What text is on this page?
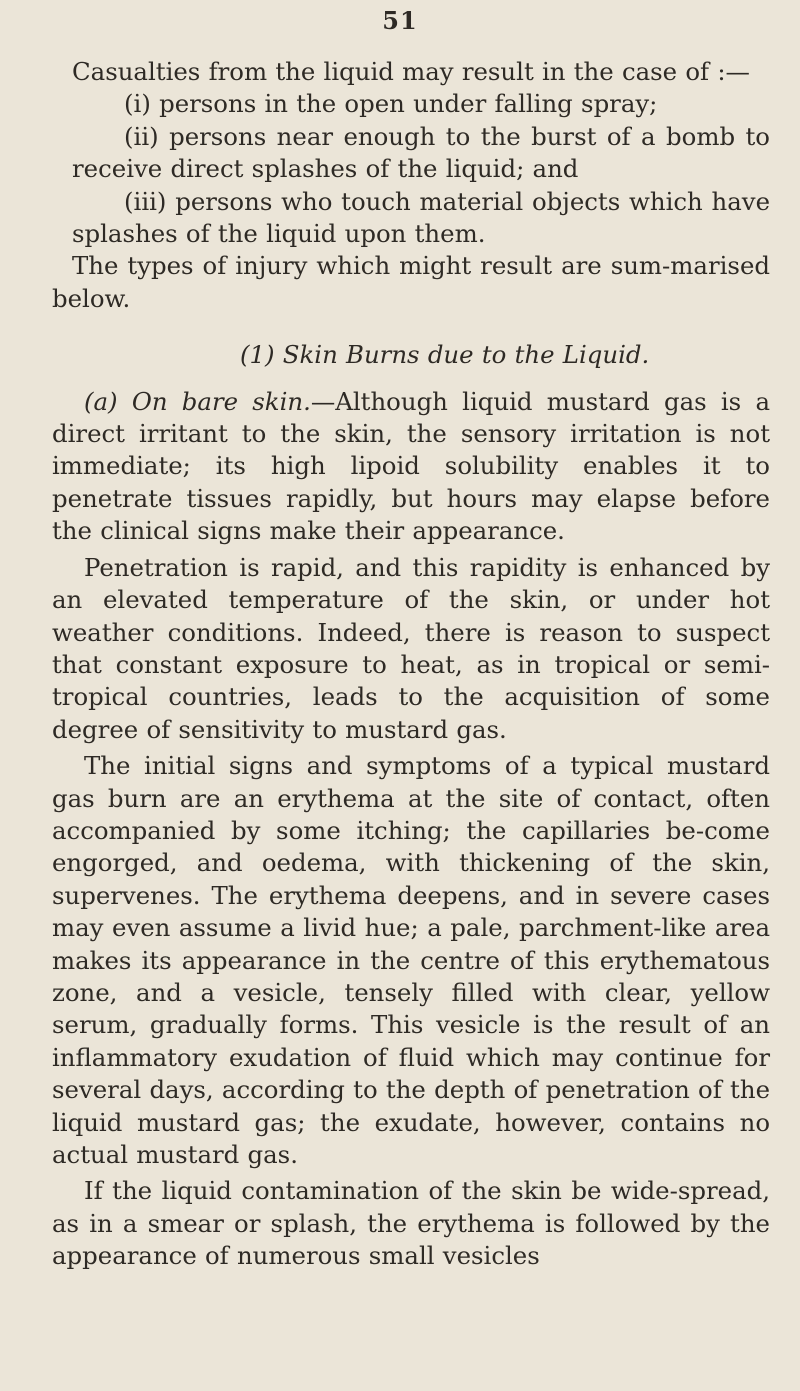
51

Casualties from the liquid may result in the case of :—

(i) persons in the open under falling spray;

(ii) persons near enough to the burst of a bomb to receive direct splashes of the liquid; and

(iii) persons who touch material objects which have splashes of the liquid upon them.

The types of injury which might result are sum-marised below.

(1) Skin Burns due to the Liquid.

(a) On bare skin.—Although liquid mustard gas is a direct irritant to the skin, the sensory irritation is not immediate; its high lipoid solubility enables it to penetrate tissues rapidly, but hours may elapse before the clinical signs make their appearance.

Penetration is rapid, and this rapidity is enhanced by an elevated temperature of the skin, or under hot weather conditions. Indeed, there is reason to suspect that constant exposure to heat, as in tropical or semi-tropical countries, leads to the acquisition of some degree of sensitivity to mustard gas.

The initial signs and symptoms of a typical mustard gas burn are an erythema at the site of contact, often accompanied by some itching; the capillaries be-come engorged, and oedema, with thickening of the skin, supervenes. The erythema deepens, and in severe cases may even assume a livid hue; a pale, parchment-like area makes its appearance in the centre of this erythematous zone, and a vesicle, tensely filled with clear, yellow serum, gradually forms. This vesicle is the result of an inflammatory exudation of fluid which may continue for several days, according to the depth of penetration of the liquid mustard gas; the exudate, however, contains no actual mustard gas.

If the liquid contamination of the skin be wide-spread, as in a smear or splash, the erythema is followed by the appearance of numerous small vesicles
